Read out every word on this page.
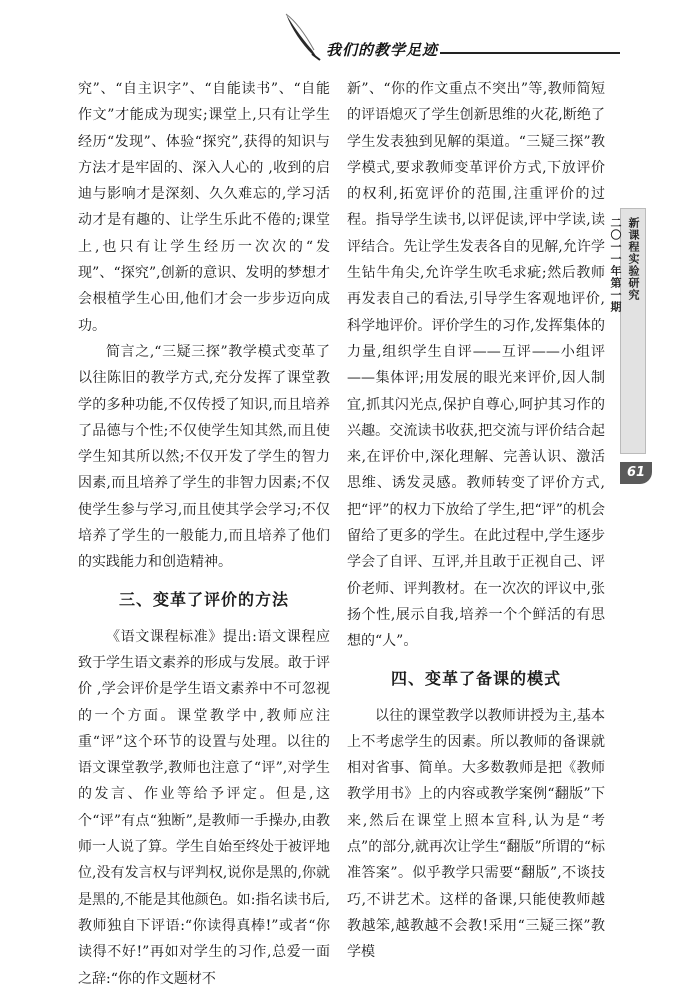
我们的教学足迹
新课程实验研究
二〇一一年第一期
61

究”、“自主识字”、“自能读书”、“自能作文”才能成为现实;课堂上,只有让学生经历“发现”、体验“探究”,获得的知识与方法才是牢固的、深入人心的 ,收到的启迪与影响才是深刻、久久难忘的,学习活动才是有趣的、让学生乐此不倦的;课堂上,也只有让学生经历一次次的“发现”、“探究”,创新的意识、发明的梦想才会根植学生心田,他们才会一步步迈向成功。

简言之,“三疑三探”教学模式变革了以往陈旧的教学方式,充分发挥了课堂教学的多种功能,不仅传授了知识,而且培养了品德与个性;不仅使学生知其然,而且使学生知其所以然;不仅开发了学生的智力因素,而且培养了学生的非智力因素;不仅使学生参与学习,而且使其学会学习;不仅培养了学生的一般能力,而且培养了他们的实践能力和创造精神。

三、变革了评价的方法

《语文课程标准》提出:语文课程应致于学生语文素养的形成与发展。敢于评价 ,学会评价是学生语文素养中不可忽视的一个方面。课堂教学中,教师应注重“评”这个环节的设置与处理。以往的语文课堂教学,教师也注意了“评”,对学生的发言、作业等给予评定。但是,这个“评”有点“独断”,是教师一手操办,由教师一人说了算。学生自始至终处于被评地位,没有发言权与评判权,说你是黑的,你就是黑的,不能是其他颜色。如:指名读书后,教师独自下评语:“你读得真棒!”或者“你读得不好!”再如对学生的习作,总爱一面之辞:“你的作文题材不

新”、“你的作文重点不突出”等,教师简短的评语熄灭了学生创新思维的火花,断绝了学生发表独到见解的渠道。“三疑三探”教学模式,要求教师变革评价方式,下放评价的权利,拓宽评价的范围,注重评价的过程。指导学生读书,以评促读,评中学读,读评结合。先让学生发表各自的见解,允许学生钻牛角尖,允许学生吹毛求疵;然后教师再发表自己的看法,引导学生客观地评价,科学地评价。评价学生的习作,发挥集体的力量,组织学生自评——互评——小组评——集体评;用发展的眼光来评价,因人制宜,抓其闪光点,保护自尊心,呵护其习作的兴趣。交流读书收获,把交流与评价结合起来,在评价中,深化理解、完善认识、激活思维、诱发灵感。教师转变了评价方式,把“评”的权力下放给了学生,把“评”的机会留给了更多的学生。在此过程中,学生逐步学会了自评、互评,并且敢于正视自己、评价老师、评判教材。在一次次的评议中,张扬个性,展示自我,培养一个个鲜活的有思想的“人”。

四、变革了备课的模式

以往的课堂教学以教师讲授为主,基本上不考虑学生的因素。所以教师的备课就相对省事、简单。大多数教师是把《教师教学用书》上的内容或教学案例“翻版”下来,然后在课堂上照本宣科,认为是“考点”的部分,就再次让学生“翻版”所谓的“标准答案”。似乎教学只需要“翻版”,不谈技巧,不讲艺术。这样的备课,只能使教师越教越笨,越教越不会教!采用“三疑三探”教学模
